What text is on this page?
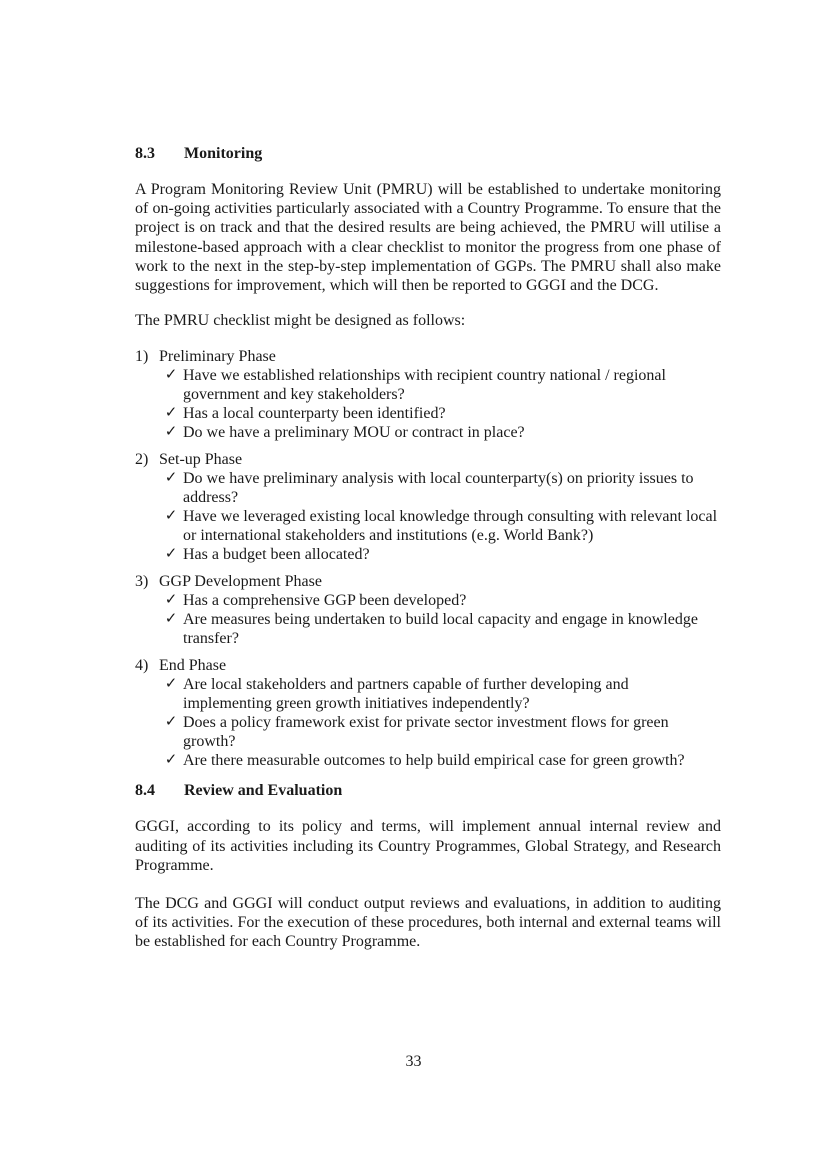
8.3	Monitoring

A Program Monitoring Review Unit (PMRU) will be established to undertake monitoring of on-going activities particularly associated with a Country Programme. To ensure that the project is on track and that the desired results are being achieved, the PMRU will utilise a milestone-based approach with a clear checklist to monitor the progress from one phase of work to the next in the step-by-step implementation of GGPs. The PMRU shall also make suggestions for improvement, which will then be reported to GGGI and the DCG.

The PMRU checklist might be designed as follows:

1) Preliminary Phase
✓ Have we established relationships with recipient country national / regional government and key stakeholders?
✓ Has a local counterparty been identified?
✓ Do we have a preliminary MOU or contract in place?
2) Set-up Phase
✓ Do we have preliminary analysis with local counterparty(s) on priority issues to address?
✓ Have we leveraged existing local knowledge through consulting with relevant local or international stakeholders and institutions (e.g. World Bank?)
✓ Has a budget been allocated?
3) GGP Development Phase
✓ Has a comprehensive GGP been developed?
✓ Are measures being undertaken to build local capacity and engage in knowledge transfer?
4) End Phase
✓ Are local stakeholders and partners capable of further developing and implementing green growth initiatives independently?
✓ Does a policy framework exist for private sector investment flows for green growth?
✓ Are there measurable outcomes to help build empirical case for green growth?
8.4	Review and Evaluation

GGGI, according to its policy and terms, will implement annual internal review and auditing of its activities including its Country Programmes, Global Strategy, and Research Programme.

The DCG and GGGI will conduct output reviews and evaluations, in addition to auditing of its activities. For the execution of these procedures, both internal and external teams will be established for each Country Programme.

33
